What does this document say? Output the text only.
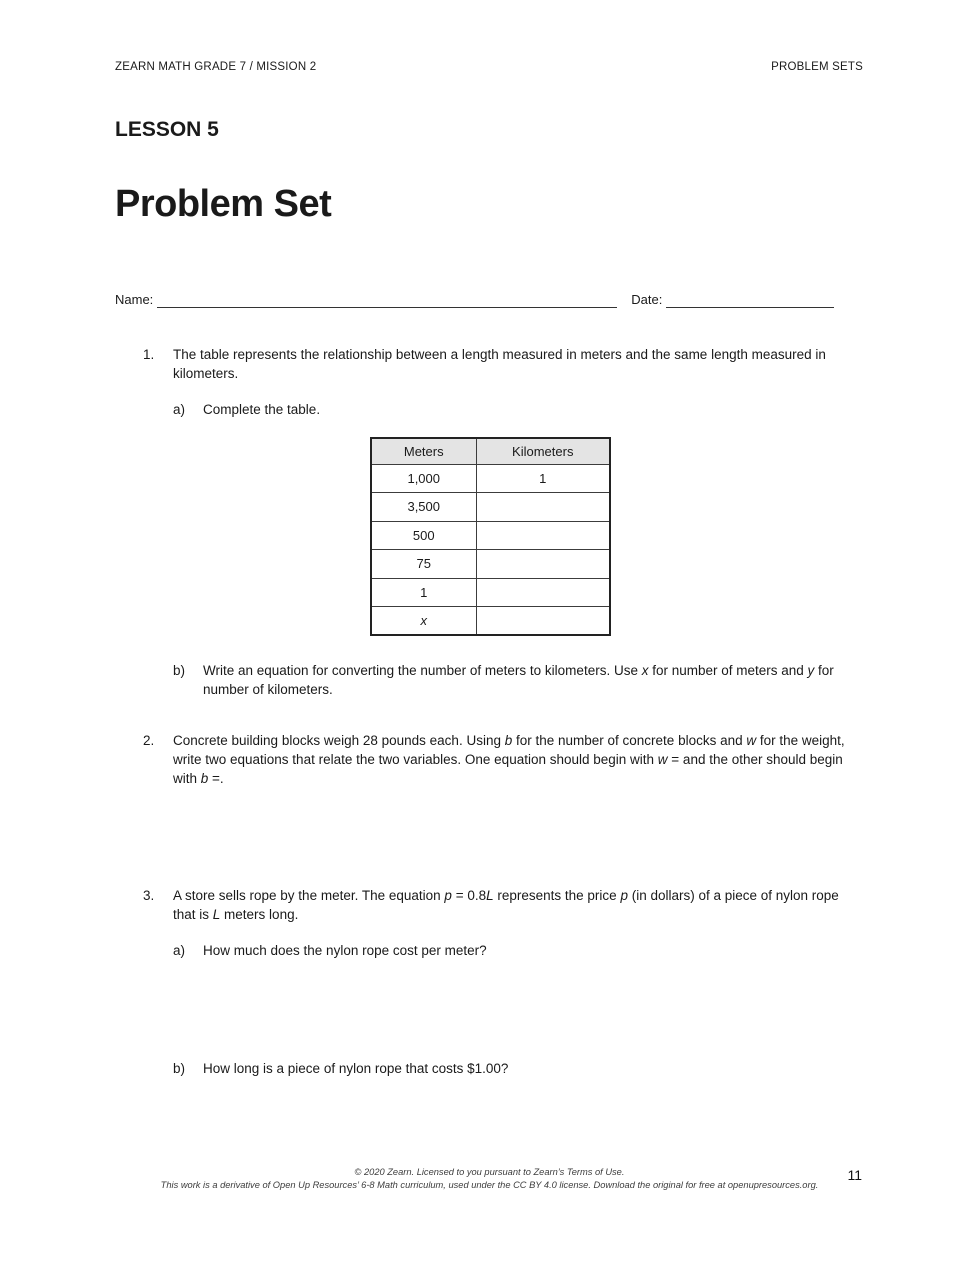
ZEARN MATH GRADE 7 / MISSION 2	PROBLEM SETS
LESSON 5
Problem Set
Name:	Date:
1.	The table represents the relationship between a length measured in meters and the same length measured in kilometers.
a)	Complete the table.
Meters	Kilometers
1,000	1
3,500	
500	
75	
1	
x	
b)	Write an equation for converting the number of meters to kilometers. Use x for number of meters and y for number of kilometers.
2.	Concrete building blocks weigh 28 pounds each. Using b for the number of concrete blocks and w for the weight, write two equations that relate the two variables. One equation should begin with w = and the other should begin with b =.
3.	A store sells rope by the meter. The equation p = 0.8L represents the price p (in dollars) of a piece of nylon rope that is L meters long.
a)	How much does the nylon rope cost per meter?
b)	How long is a piece of nylon rope that costs $1.00?
© 2020 Zearn. Licensed to you pursuant to Zearn’s Terms of Use.
This work is a derivative of Open Up Resources’ 6-8 Math curriculum, used under the CC BY 4.0 license. Download the original for free at openupresources.org.
11
